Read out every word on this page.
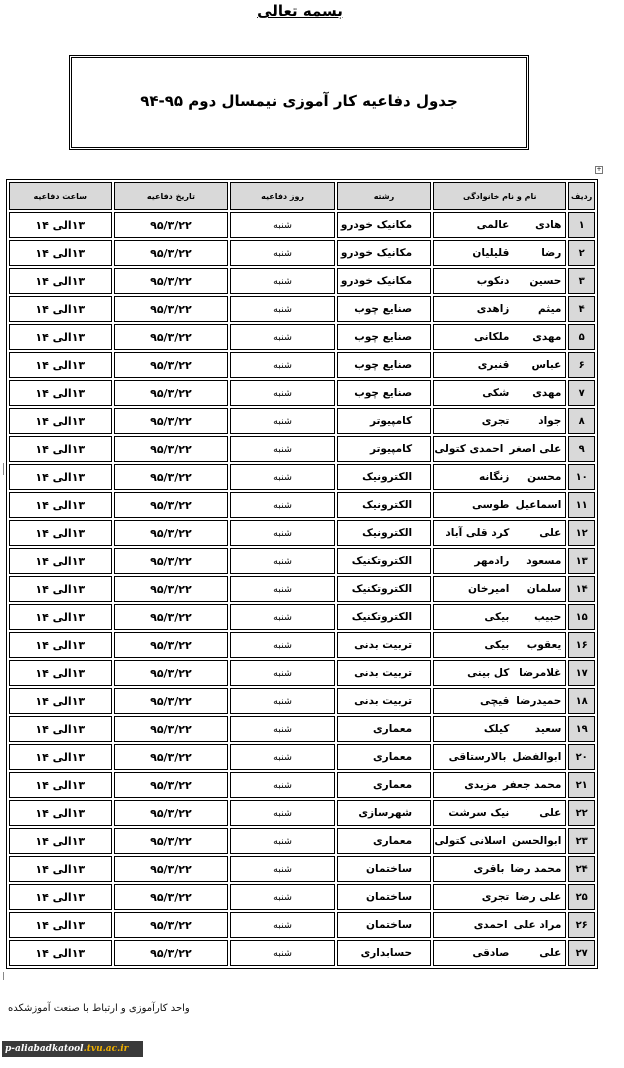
بسمه تعالی
جدول دفاعیه کار آموزی نیمسال دوم ۹۵-۹۴
+
ردیف	نام و نام خانوادگی	رشته	روز دفاعیه	تاریخ دفاعیه	ساعت دفاعیه
۱	هادیعالمی	مکانیک خودرو	شنبه	۹۵/۳/۲۲	۱۳الی ۱۴
۲	رضاقلیلیان	مکانیک خودرو	شنبه	۹۵/۳/۲۲	۱۳الی ۱۴
۳	حسیندنکوب	مکانیک خودرو	شنبه	۹۵/۳/۲۲	۱۳الی ۱۴
۴	میثمزاهدی	صنایع چوب	شنبه	۹۵/۳/۲۲	۱۳الی ۱۴
۵	مهدیملکانی	صنایع چوب	شنبه	۹۵/۳/۲۲	۱۳الی ۱۴
۶	عباسقنبری	صنایع چوب	شنبه	۹۵/۳/۲۲	۱۳الی ۱۴
۷	مهدیشکی	صنایع چوب	شنبه	۹۵/۳/۲۲	۱۳الی ۱۴
۸	جوادتجری	کامپیوتر	شنبه	۹۵/۳/۲۲	۱۳الی ۱۴
۹	علی اصغراحمدی کتولی	کامپیوتر	شنبه	۹۵/۳/۲۲	۱۳الی ۱۴
۱۰	محسنزنگانه	الکترونیک	شنبه	۹۵/۳/۲۲	۱۳الی ۱۴
۱۱	اسماعیلطوسی	الکترونیک	شنبه	۹۵/۳/۲۲	۱۳الی ۱۴
۱۲	علیکرد قلی آباد	الکترونیک	شنبه	۹۵/۳/۲۲	۱۳الی ۱۴
۱۳	مسعودرادمهر	الکتروتکنیک	شنبه	۹۵/۳/۲۲	۱۳الی ۱۴
۱۴	سلمانامیرخان	الکتروتکنیک	شنبه	۹۵/۳/۲۲	۱۳الی ۱۴
۱۵	حبیببیکی	الکتروتکنیک	شنبه	۹۵/۳/۲۲	۱۳الی ۱۴
۱۶	یعقوببیکی	تربیت بدنی	شنبه	۹۵/۳/۲۲	۱۳الی ۱۴
۱۷	غلامرضاکل بینی	تربیت بدنی	شنبه	۹۵/۳/۲۲	۱۳الی ۱۴
۱۸	حمیدرضاقیچی	تربیت بدنی	شنبه	۹۵/۳/۲۲	۱۳الی ۱۴
۱۹	سعیدکیلک	معماری	شنبه	۹۵/۳/۲۲	۱۳الی ۱۴
۲۰	ابوالفضلبالارستاقی	معماری	شنبه	۹۵/۳/۲۲	۱۳الی ۱۴
۲۱	محمد جعفرمزیدی	معماری	شنبه	۹۵/۳/۲۲	۱۳الی ۱۴
۲۲	علینیک سرشت	شهرسازی	شنبه	۹۵/۳/۲۲	۱۳الی ۱۴
۲۳	ابوالحسناسلانی کتولی	معماری	شنبه	۹۵/۳/۲۲	۱۳الی ۱۴
۲۴	محمد رضاباقری	ساختمان	شنبه	۹۵/۳/۲۲	۱۳الی ۱۴
۲۵	علی رضاتجری	ساختمان	شنبه	۹۵/۳/۲۲	۱۳الی ۱۴
۲۶	مراد علیاحمدی	ساختمان	شنبه	۹۵/۳/۲۲	۱۳الی ۱۴
۲۷	علیصادقی	حسابداری	شنبه	۹۵/۳/۲۲	۱۳الی ۱۴
واحد کارآموزی و ارتباط با صنعت آموزشکده
p-aliabadkatool.tvu.ac.ir
